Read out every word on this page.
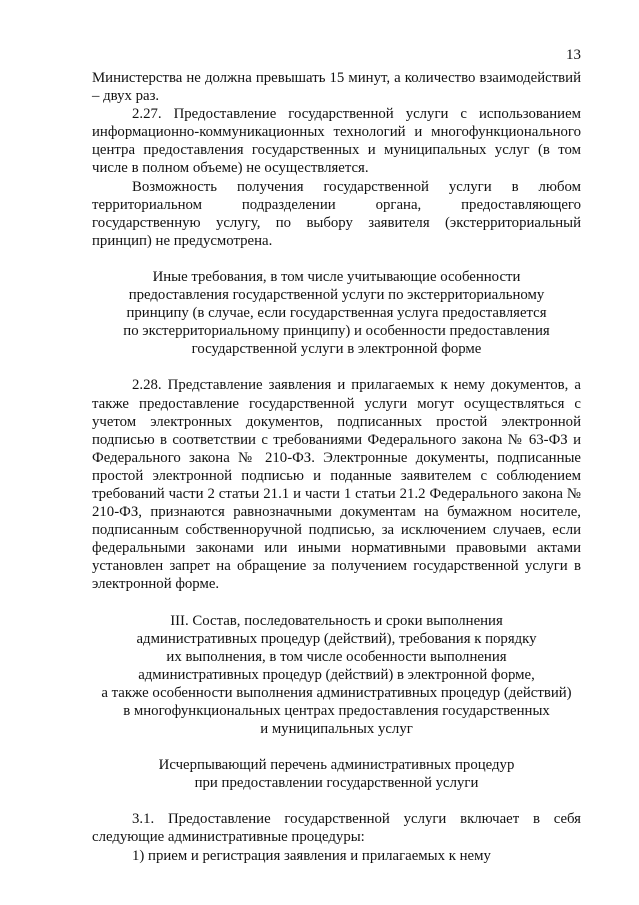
13

Министерства не должна превышать 15 минут, а количество взаимодействий – двух раз.

2.27. Предоставление государственной услуги с использованием информационно-коммуникационных технологий и многофункционального центра предоставления государственных и муниципальных услуг (в том числе в полном объеме) не осуществляется.

Возможность получения государственной услуги в любом территориальном подразделении органа, предоставляющего государственную услугу, по выбору заявителя (экстерриториальный принцип) не предусмотрена.

Иные требования, в том числе учитывающие особенности

предоставления государственной услуги по экстерриториальному

принципу (в случае, если государственная услуга предоставляется

по экстерриториальному принципу) и особенности предоставления

государственной услуги в электронной форме

2.28. Представление заявления и прилагаемых к нему документов, а также предоставление государственной услуги могут осуществляться с учетом электронных документов, подписанных простой электронной подписью в соответствии с требованиями Федерального закона № 63-ФЗ и Федерального закона № 210-ФЗ. Электронные документы, подписанные простой электронной подписью и поданные заявителем с соблюдением требований части 2 статьи 21.1 и части 1 статьи 21.2 Федерального закона № 210-ФЗ, признаются равнозначными документам на бумажном носителе, подписанным собственноручной подписью, за исключением случаев, если федеральными законами или иными нормативными правовыми актами установлен запрет на обращение за получением государственной услуги в электронной форме.

III. Состав, последовательность и сроки выполнения

административных процедур (действий), требования к порядку

их выполнения, в том числе особенности выполнения

административных процедур (действий) в электронной форме,

а также особенности выполнения административных процедур (действий)

в многофункциональных центрах предоставления государственных

и муниципальных услуг

Исчерпывающий перечень административных процедур

при предоставлении государственной услуги

3.1. Предоставление государственной услуги включает в себя следующие административные процедуры:

1) прием и регистрация заявления и прилагаемых к нему
